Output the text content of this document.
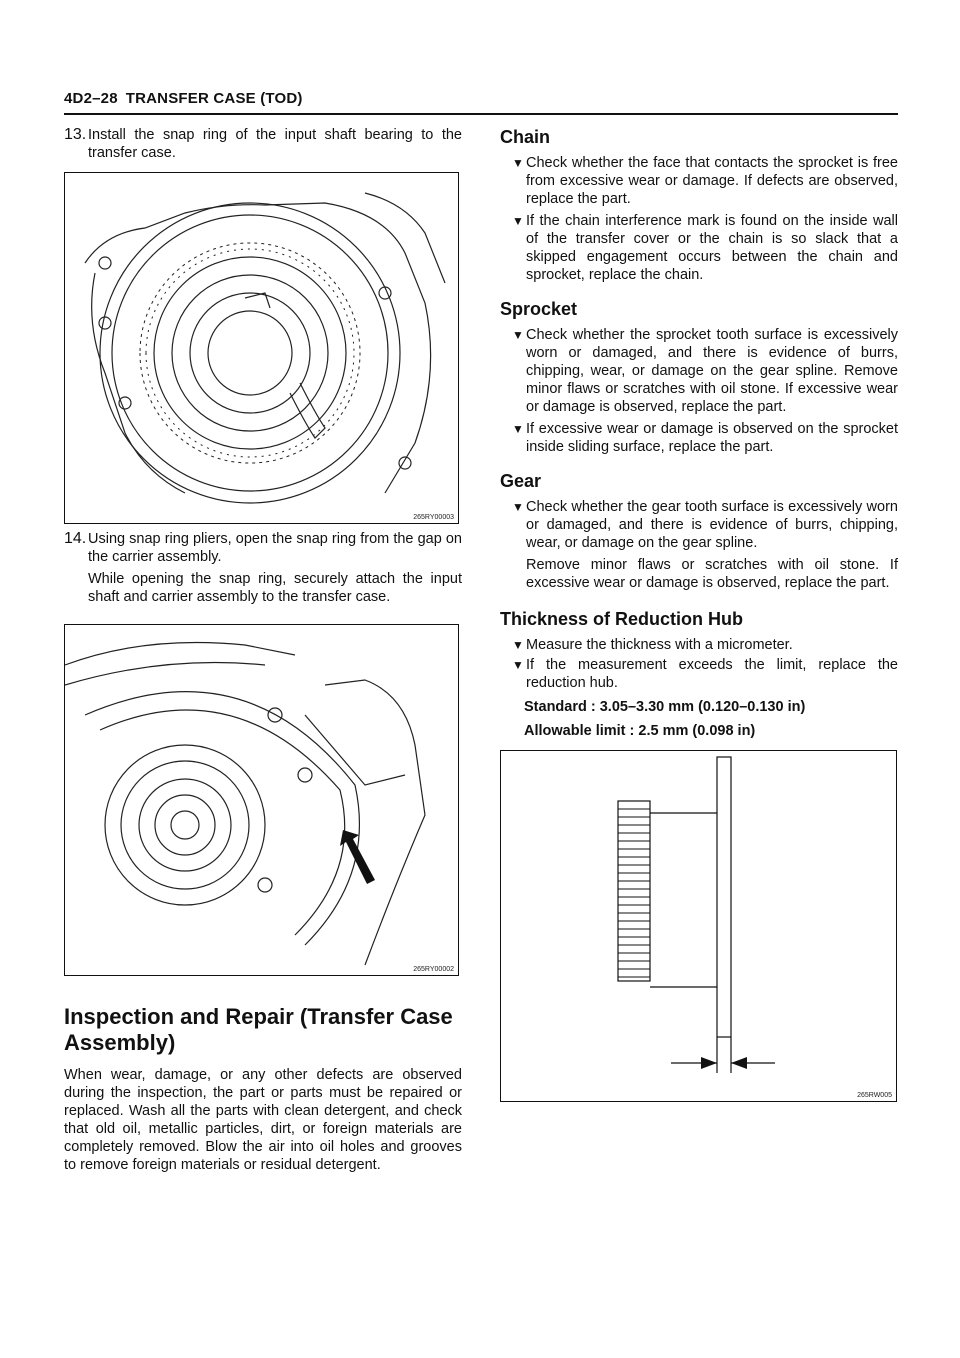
4D2–28 TRANSFER CASE (TOD)
13. Install the snap ring of the input shaft bearing to the transfer case.

265RY00003
14. Using snap ring pliers, open the snap ring from the gap on the carrier assembly.

While opening the snap ring, securely attach the input shaft and carrier assembly to the transfer case.

265RY00002
Inspection and Repair (Transfer Case Assembly)

When wear, damage, or any other defects are observed during the inspection, the part or parts must be repaired or replaced. Wash all the parts with clean detergent, and check that old oil, metallic particles, dirt, or foreign materials are completely removed. Blow the air into oil holes and grooves to remove foreign materials or residual detergent.

Chain
▼ Check whether the face that contacts the sprocket is free from excessive wear or damage. If defects are observed, replace the part.

▼ If the chain interference mark is found on the inside wall of the transfer cover or the chain is so slack that a skipped engagement occurs between the chain and sprocket, replace the chain.

Sprocket
▼ Check whether the sprocket tooth surface is excessively worn or damaged, and there is evidence of burrs, chipping, wear, or damage on the gear spline. Remove minor flaws or scratches with oil stone. If excessive wear or damage is observed, replace the part.

▼ If excessive wear or damage is observed on the sprocket inside sliding surface, replace the part.

Gear
▼ Check whether the gear tooth surface is excessively worn or damaged, and there is evidence of burrs, chipping, wear, or damage on the gear spline.

Remove minor flaws or scratches with oil stone. If excessive wear or damage is observed, replace the part.

Thickness of Reduction Hub
▼ Measure the thickness with a micrometer.

▼ If the measurement exceeds the limit, replace the reduction hub.

Standard : 3.05–3.30 mm (0.120–0.130 in)
Allowable limit : 2.5 mm (0.098 in)
265RW005
